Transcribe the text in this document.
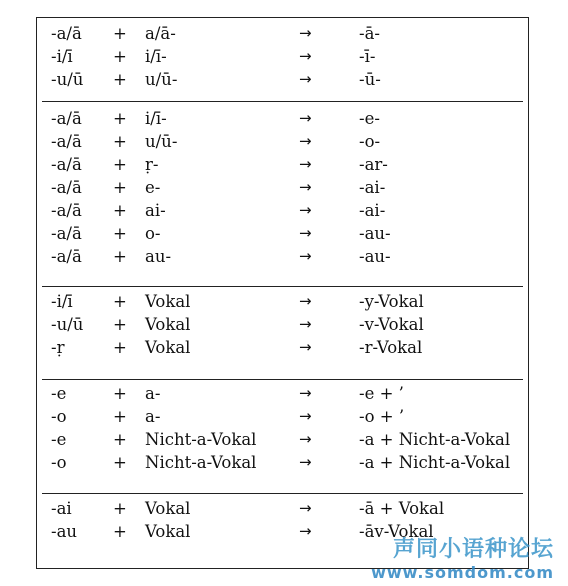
-a/ā + a/ā-	→	-ā-
-i/ī + i/ī-	→	-ī-
-u/ū + u/ū-	→	-ū-
-a/ā + i/ī-	→	-e-
-a/ā + u/ū-	→	-o-
-a/ā + ṛ-	→	-ar-
-a/ā + e-	→	-ai-
-a/ā + ai-	→	-ai-
-a/ā + o-	→	-au-
-a/ā + au-	→	-au-
-i/ī + Vokal	→	-y-Vokal
-u/ū + Vokal	→	-v-Vokal
-ṛ	+ Vokal	→	-r-Vokal
-e	+ a-	→	-e + ’
-o	+ a-	→	-o + ’
-e	+ Nicht-a-Vokal	→	-a + Nicht-a-Vokal
-o	+ Nicht-a-Vokal	→	-a + Nicht-a-Vokal
-ai	+ Vokal	→	-ā + Vokal
-au + Vokal	→	-āv-Vokal
声同小语种论坛
www.somdom.com
